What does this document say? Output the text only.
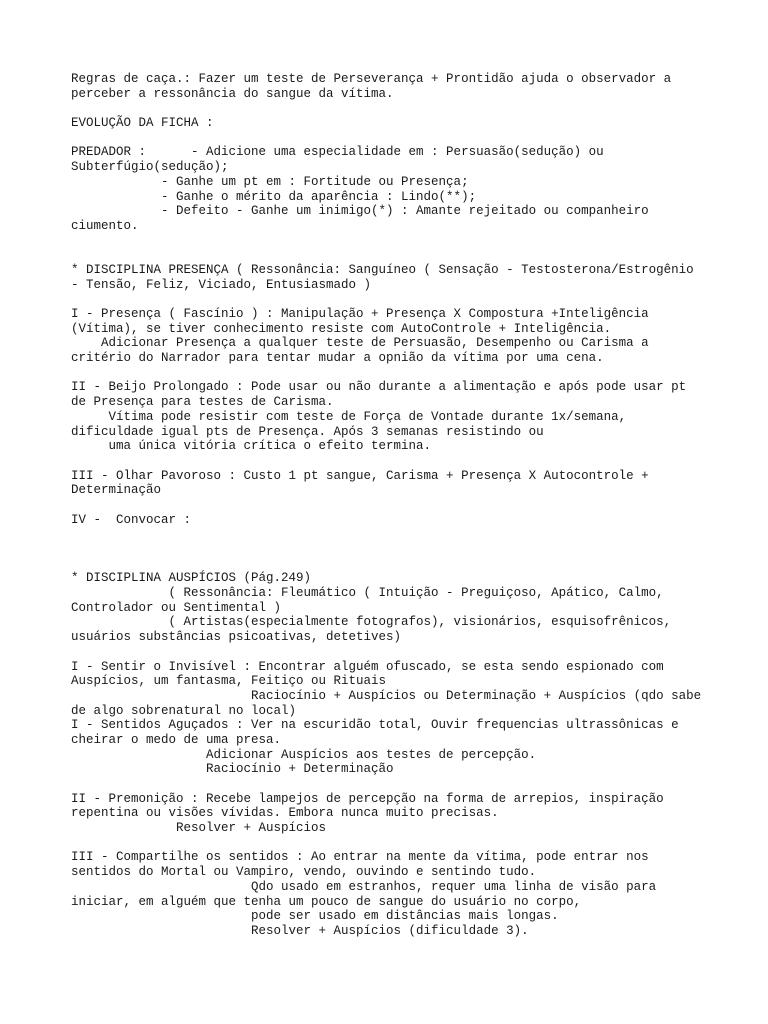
Regras de caça.: Fazer um teste de Perseverança + Prontidão ajuda o observador a
perceber a ressonância do sangue da vítima.
EVOLUÇÃO DA FICHA :
PREDADOR :      - Adicione uma especialidade em : Persuasão(sedução) ou
Subterfúgio(sedução);
- Ganhe um pt em : Fortitude ou Presença;
- Ganhe o mérito da aparência : Lindo(**);
- Defeito - Ganhe um inimigo(*) : Amante rejeitado ou companheiro
ciumento.
* DISCIPLINA PRESENÇA ( Ressonância: Sanguíneo ( Sensação - Testosterona/Estrogênio
- Tensão, Feliz, Viciado, Entusiasmado )
I - Presença ( Fascínio ) : Manipulação + Presença X Compostura +Inteligência
(Vítima), se tiver conhecimento resiste com AutoControle + Inteligência.
Adicionar Presença a qualquer teste de Persuasão, Desempenho ou Carisma a
critério do Narrador para tentar mudar a opnião da vítima por uma cena.
II - Beijo Prolongado : Pode usar ou não durante a alimentação e após pode usar pt
de Presença para testes de Carisma.
Vítima pode resistir com teste de Força de Vontade durante 1x/semana,
dificuldade igual pts de Presença. Após 3 semanas resistindo ou
uma única vitória crítica o efeito termina.
III - Olhar Pavoroso : Custo 1 pt sangue, Carisma + Presença X Autocontrole +
Determinação
IV -  Convocar :
* DISCIPLINA AUSPÍCIOS (Pág.249)
( Ressonância: Fleumático ( Intuição - Preguiçoso, Apático, Calmo,
Controlador ou Sentimental )
( Artistas(especialmente fotografos), visionários, esquisofrênicos,
usuários substâncias psicoativas, detetives)
I - Sentir o Invisível : Encontrar alguém ofuscado, se esta sendo espionado com
Auspícios, um fantasma, Feitiço ou Rituais
Raciocínio + Auspícios ou Determinação + Auspícios (qdo sabe
de algo sobrenatural no local)
I - Sentidos Aguçados : Ver na escuridão total, Ouvir frequencias ultrassônicas e
cheirar o medo de uma presa.
Adicionar Auspícios aos testes de percepção.
Raciocínio + Determinação
II - Premonição : Recebe lampejos de percepção na forma de arrepios, inspiração
repentina ou visões vívidas. Embora nunca muito precisas.
Resolver + Auspícios
III - Compartilhe os sentidos : Ao entrar na mente da vítima, pode entrar nos
sentidos do Mortal ou Vampiro, vendo, ouvindo e sentindo tudo.
Qdo usado em estranhos, requer uma linha de visão para
iniciar, em alguém que tenha um pouco de sangue do usuário no corpo,
pode ser usado em distâncias mais longas.
Resolver + Auspícios (dificuldade 3).
